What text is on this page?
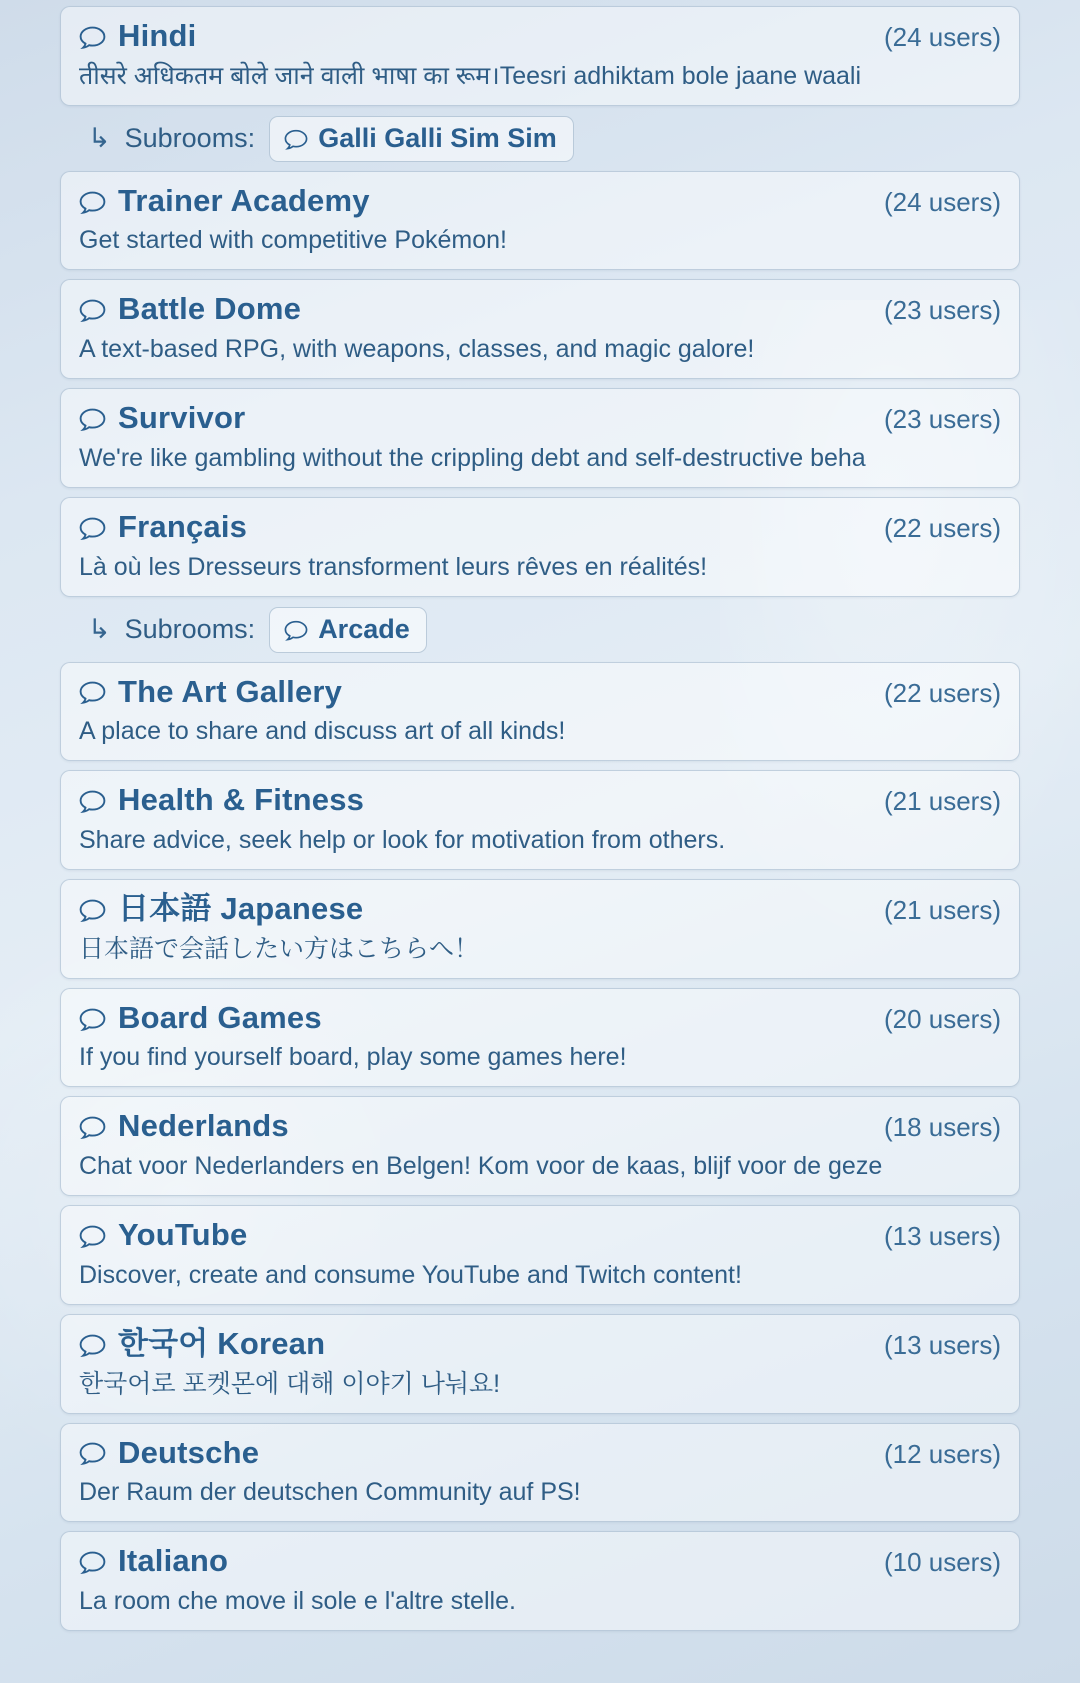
Hindi	(24 users)
तीसरे अधिकतम बोले जाने वाली भाषा का रूम।Teesri adhiktam bole jaane waali
↳ Subrooms: Galli Galli Sim Sim
Trainer Academy	(24 users)
Get started with competitive Pokémon!
Battle Dome	(23 users)
A text-based RPG, with weapons, classes, and magic galore!
Survivor	(23 users)
We're like gambling without the crippling debt and self-destructive beha
Français	(22 users)
Là où les Dresseurs transforment leurs rêves en réalités!
↳ Subrooms: Arcade
The Art Gallery	(22 users)
A place to share and discuss art of all kinds!
Health & Fitness	(21 users)
Share advice, seek help or look for motivation from others.
日本語 Japanese	(21 users)
日本語で会話したい方はこちらへ！
Board Games	(20 users)
If you find yourself board, play some games here!
Nederlands	(18 users)
Chat voor Nederlanders en Belgen! Kom voor de kaas, blijf voor de geze
YouTube	(13 users)
Discover, create and consume YouTube and Twitch content!
한국어 Korean	(13 users)
한국어로 포켓몬에 대해 이야기 나눠요!
Deutsche	(12 users)
Der Raum der deutschen Community auf PS!
Italiano	(10 users)
La room che move il sole e l'altre stelle.
